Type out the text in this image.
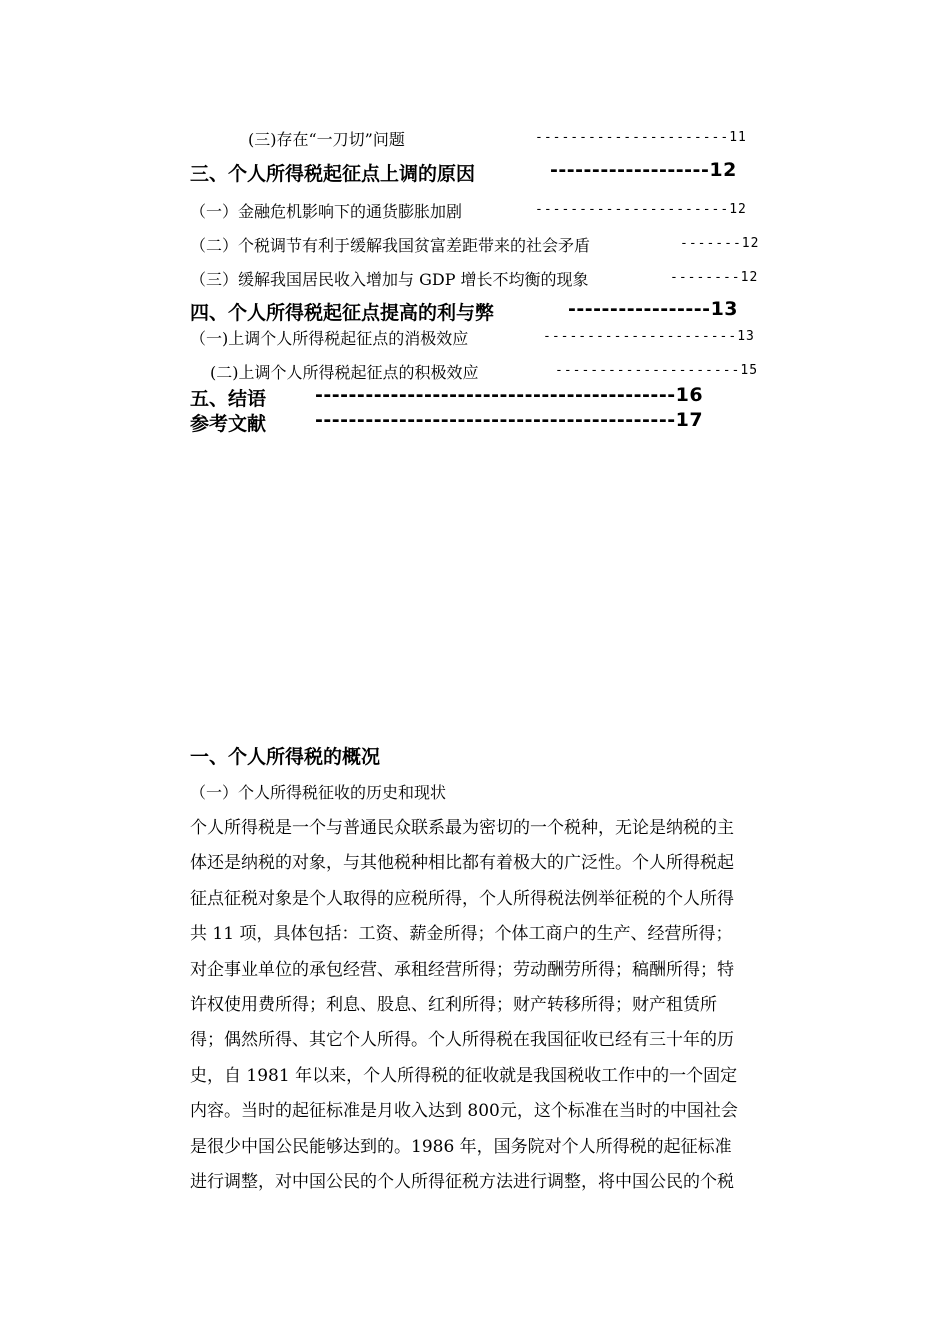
(三)存在“一刀切”问题	----------------------11
三、个人所得税起征点上调的原因	-------------------12
（一）金融危机影响下的通货膨胀加剧	----------------------12
（二）个税调节有利于缓解我国贫富差距带来的社会矛盾	-------12
（三）缓解我国居民收入增加与 GDP 增长不均衡的现象	--------12
四、个人所得税起征点提高的利与弊	-----------------13
（一)上调个人所得税起征点的消极效应	----------------------13
(二)上调个人所得税起征点的积极效应	---------------------15
五、结语	-------------------------------------------16
参考文献	-------------------------------------------17
一、个人所得税的概况
（一）个人所得税征收的历史和现状
个人所得税是一个与普通民众联系最为密切的一个税种，无论是纳税的主
体还是纳税的对象，与其他税种相比都有着极大的广泛性。个人所得税起
征点征税对象是个人取得的应税所得，个人所得税法例举征税的个人所得
共 11 项，具体包括：工资、薪金所得；个体工商户的生产、经营所得；
对企事业单位的承包经营、承租经营所得；劳动酬劳所得；稿酬所得；特
许权使用费所得；利息、股息、红利所得；财产转移所得；财产租赁所
得；偶然所得、其它个人所得。个人所得税在我国征收已经有三十年的历
史，自 1981 年以来，个人所得税的征收就是我国税收工作中的一个固定
内容。当时的起征标准是月收入达到 800元，这个标准在当时的中国社会
是很少中国公民能够达到的。1986 年，国务院对个人所得税的起征标准
进行调整，对中国公民的个人所得征税方法进行调整，将中国公民的个税
